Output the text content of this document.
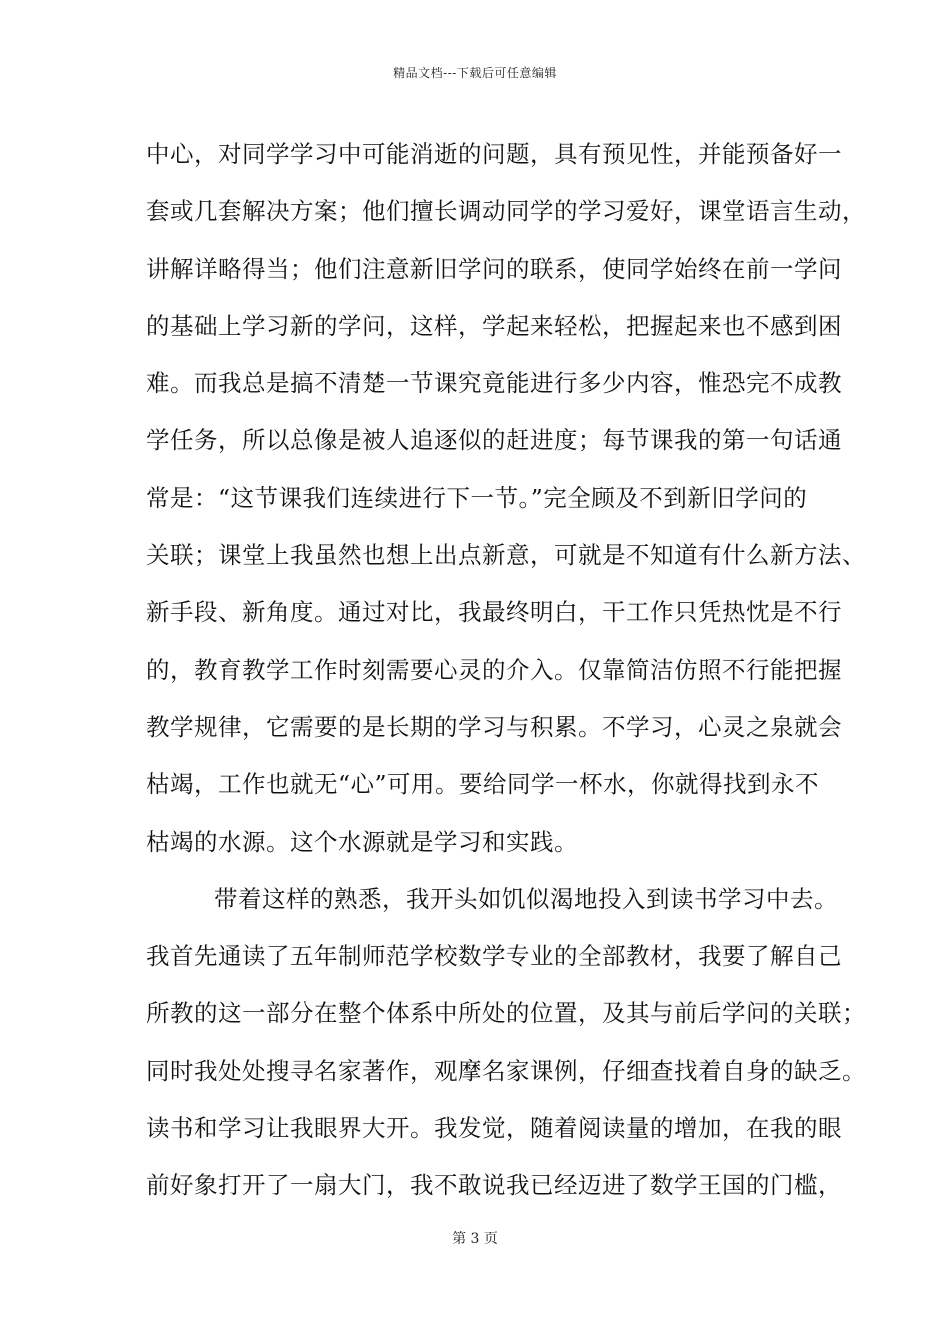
精品文档---下载后可任意编辑
中心，对同学学习中可能消逝的问题，具有预见性，并能预备好一
套或几套解决方案；他们擅长调动同学的学习爱好，课堂语言生动，
讲解详略得当；他们注意新旧学问的联系，使同学始终在前一学问
的基础上学习新的学问，这样，学起来轻松，把握起来也不感到困
难。而我总是搞不清楚一节课究竟能进行多少内容，惟恐完不成教
学任务，所以总像是被人追逐似的赶进度；每节课我的第一句话通
常是：“这节课我们连续进行下一节。”完全顾及不到新旧学问的
关联；课堂上我虽然也想上出点新意，可就是不知道有什么新方法、
新手段、新角度。通过对比，我最终明白，干工作只凭热忱是不行
的，教育教学工作时刻需要心灵的介入。仅靠简洁仿照不行能把握
教学规律，它需要的是长期的学习与积累。不学习，心灵之泉就会
枯竭，工作也就无“心”可用。要给同学一杯水，你就得找到永不
枯竭的水源。这个水源就是学习和实践。
带着这样的熟悉，我开头如饥似渴地投入到读书学习中去。
我首先通读了五年制师范学校数学专业的全部教材，我要了解自己
所教的这一部分在整个体系中所处的位置，及其与前后学问的关联；
同时我处处搜寻名家著作，观摩名家课例，仔细查找着自身的缺乏。
读书和学习让我眼界大开。我发觉，随着阅读量的增加，在我的眼
前好象打开了一扇大门，我不敢说我已经迈进了数学王国的门槛，
第 3 页
